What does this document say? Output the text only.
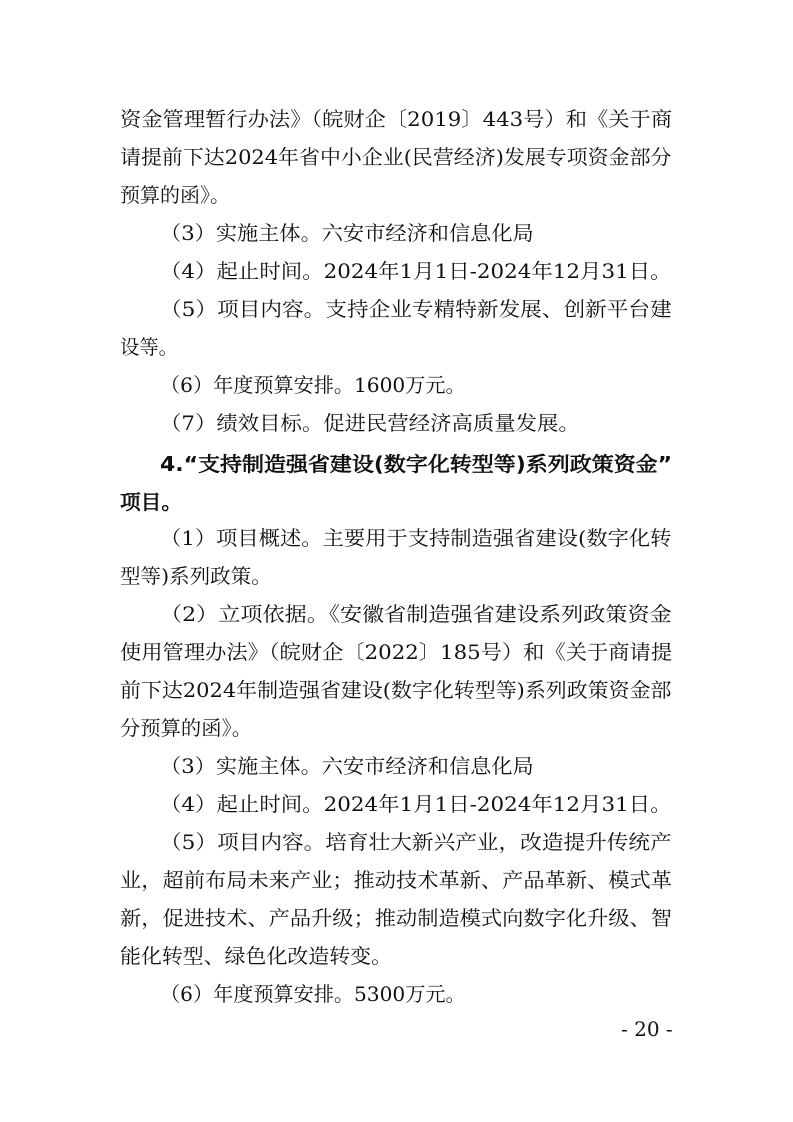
资金管理暂行办法》（皖财企〔2019〕443号）和《关于商

请提前下达2024年省中小企业(民营经济)发展专项资金部分

预算的函》。

（3）实施主体。六安市经济和信息化局

（4）起止时间。2024年1月1日-2024年12月31日。

（5）项目内容。支持企业专精特新发展、创新平台建

设等。

（6）年度预算安排。1600万元。

（7）绩效目标。促进民营经济高质量发展。

4.“支持制造强省建设(数字化转型等)系列政策资金”

项目。

（1）项目概述。主要用于支持制造强省建设(数字化转

型等)系列政策。

（2）立项依据。《安徽省制造强省建设系列政策资金

使用管理办法》（皖财企〔2022〕185号）和《关于商请提

前下达2024年制造强省建设(数字化转型等)系列政策资金部

分预算的函》。

（3）实施主体。六安市经济和信息化局

（4）起止时间。2024年1月1日-2024年12月31日。

（5）项目内容。培育壮大新兴产业，改造提升传统产

业，超前布局未来产业；推动技术革新、产品革新、模式革

新，促进技术、产品升级；推动制造模式向数字化升级、智

能化转型、绿色化改造转变。

（6）年度预算安排。5300万元。

- 20 -
